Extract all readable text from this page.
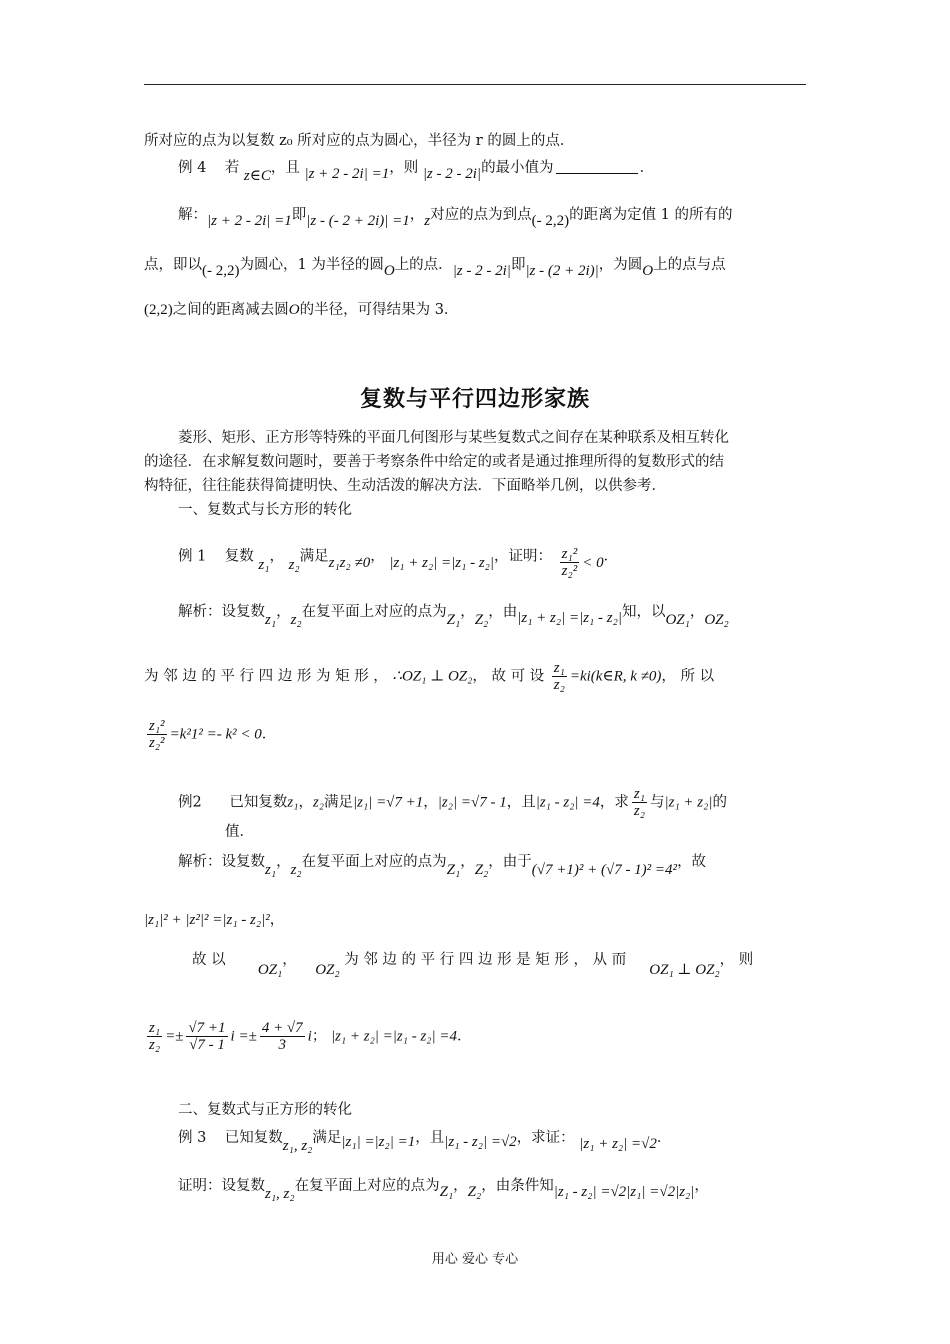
所对应的点为以复数 z₀ 所对应的点为圆心，半径为 r 的圆上的点．
例 4 若 z∈C，且 |z + 2 - 2i| =1，则 |z - 2 - 2i|的最小值为	．
解：|z + 2 - 2i| =1即|z - (- 2 + 2i)| =1，z对应的点为到点(- 2,2)的距离为定值 1 的所有的
点，即以(- 2,2)为圆心，1 为半径的圆O上的点．|z - 2 - 2i|即|z - (2 + 2i)|，为圆O上的点与点
(2,2)之间的距离减去圆O的半径，可得结果为 3．
复数与平行四边形家族
菱形、矩形、正方形等特殊的平面几何图形与某些复数式之间存在某种联系及相互转化
的途径．在求解复数问题时，要善于考察条件中给定的或者是通过推理所得的复数形式的结
构特征，往往能获得简捷明快、生动活泼的解决方法．下面略举几例，以供参考．
一、复数式与长方形的转化
例 1 复数 z₁， z₂满足z₁z₂ ≠0， |z₁ + z₂| =|z₁ - z₂|，证明： $\frac{\text{z₁²}}{\text{z₂²}} < 0$．
解析：设复数z₁，z₂在复平面上对应的点为Z₁，Z₂，由|z₁ + z₂| =|z₁ - z₂|知，以OZ₁，OZ₂
为 邻 边 的 平 行 四 边 形 为 矩 形 ， ∴OZ₁ ⊥ OZ₂， 故 可 设 $\frac{\text{z₁}}{\text{z₂}}$ =ki(k∈R, k ≠0)， 所 以
$\frac{\text{z₁²}}{\text{z₂²}} =k^21^2 =- k^2 < 0$．
例2 已知复数z₁，z₂满足|z₁| =√7 +1，|z₂| =√7 - 1，且|z₁ - z₂| =4，求 $\frac{\text{z₁}}{\text{z₂}}$ 与|z₁ + z₂|的
值．
解析：设复数z₁，z₂在复平面上对应的点为Z₁，Z₂，由于(√7 +1)² + (√7 - 1)² =4²，故
|z₁|² + |z²|² =|z₁ - z₂|²，
故 以       OZ₁，    OZ₂ 为 邻 边 的 平 行 四 边 形 是 矩 形 ， 从 而     OZ₁ ⊥ OZ₂， 则
$\frac{\text{z₁}}{\text{z₂}} =\pm \frac{√7 +1}{√7 - 1}$ $i =\pm \frac{4 + √7}{3}$ i； |z₁ + z₂| =|z₁ - z₂| =4．
二、复数式与正方形的转化
例 3 已知复数z₁, z₂满足|z₁| =|z₂| =1，且|z₁ - z₂| =√2，求证： |z₁ + z₂| =√2．
证明：设复数z₁, z₂在复平面上对应的点为Z₁，Z₂，由条件知|z₁ - z₂| =√2|z₁| =√2|z₂|，
用心 爱心 专心
